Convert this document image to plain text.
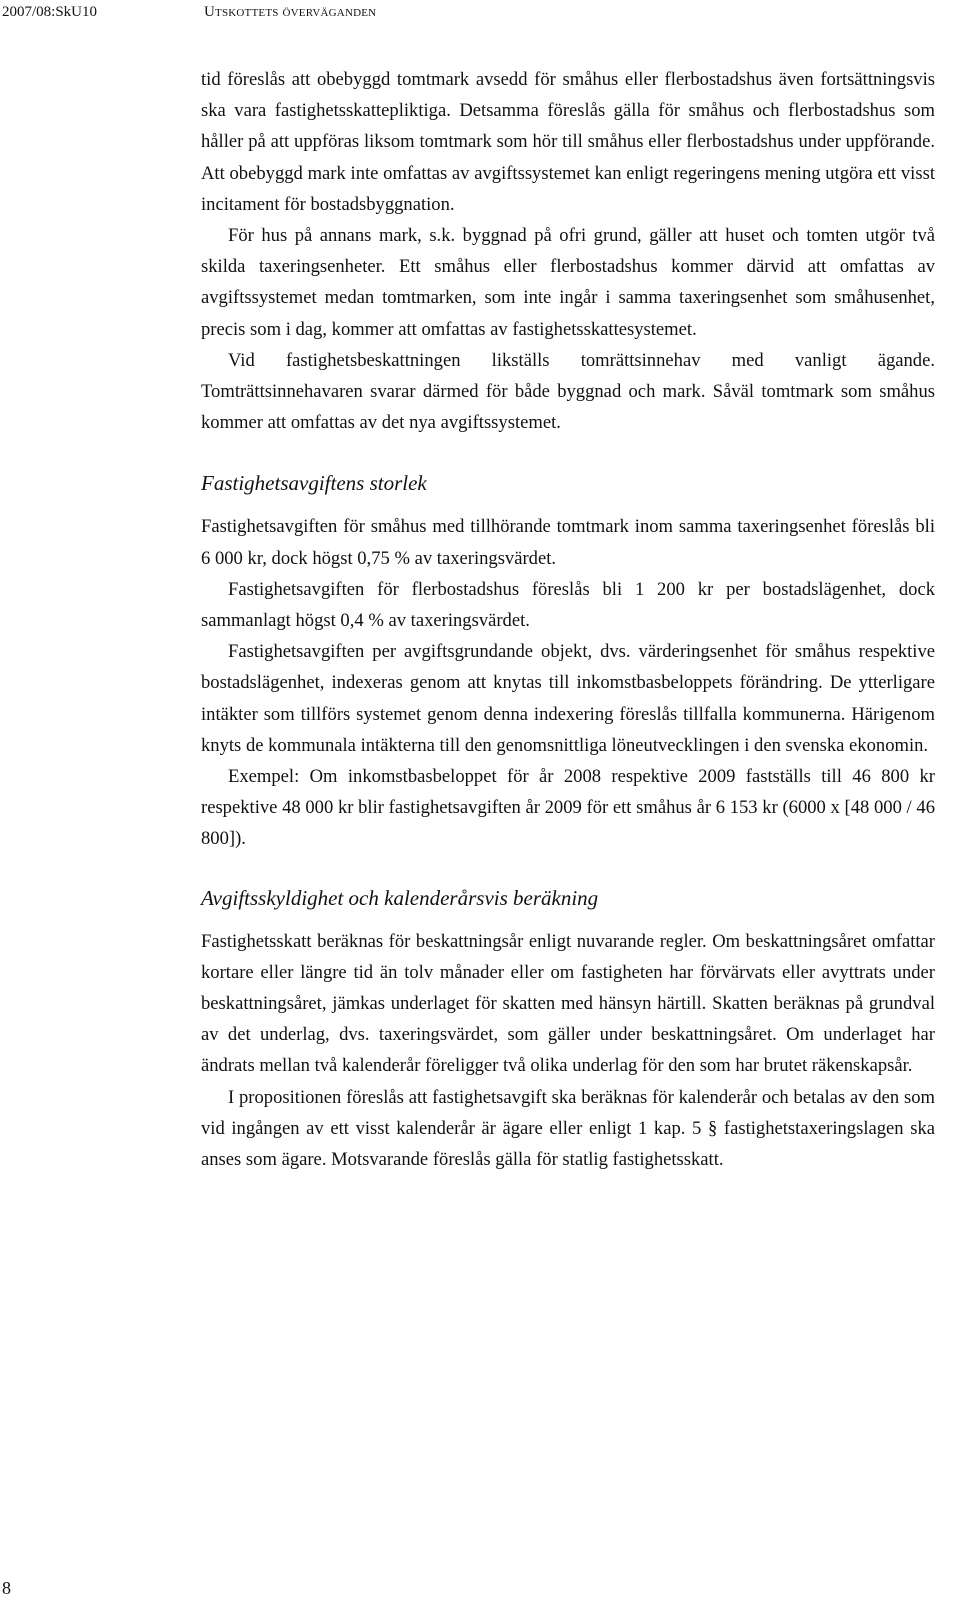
2007/08:SkU10	Utskottets överväganden

tid föreslås att obebyggd tomtmark avsedd för småhus eller flerbostadshus även fortsättningsvis ska vara fastighetsskattepliktiga. Detsamma föreslås gälla för småhus och flerbostadshus som håller på att uppföras liksom tomtmark som hör till småhus eller flerbostadshus under uppförande. Att obebyggd mark inte omfattas av avgiftssystemet kan enligt regeringens mening utgöra ett visst incitament för bostadsbyggnation.

För hus på annans mark, s.k. byggnad på ofri grund, gäller att huset och tomten utgör två skilda taxeringsenheter. Ett småhus eller flerbostadshus kommer därvid att omfattas av avgiftssystemet medan tomtmarken, som inte ingår i samma taxeringsenhet som småhusenhet, precis som i dag, kommer att omfattas av fastighetsskattesystemet.

Vid fastighetsbeskattningen likställs tomrättsinnehav med vanligt ägande. Tomträttsinnehavaren svarar därmed för både byggnad och mark. Såväl tomtmark som småhus kommer att omfattas av det nya avgiftssystemet.

Fastighetsavgiftens storlek

Fastighetsavgiften för småhus med tillhörande tomtmark inom samma taxeringsenhet föreslås bli 6 000 kr, dock högst 0,75 % av taxeringsvärdet.

Fastighetsavgiften för flerbostadshus föreslås bli 1 200 kr per bostadslägenhet, dock sammanlagt högst 0,4 % av taxeringsvärdet.

Fastighetsavgiften per avgiftsgrundande objekt, dvs. värderingsenhet för småhus respektive bostadslägenhet, indexeras genom att knytas till inkomstbasbeloppets förändring. De ytterligare intäkter som tillförs systemet genom denna indexering föreslås tillfalla kommunerna. Härigenom knyts de kommunala intäkterna till den genomsnittliga löneutvecklingen i den svenska ekonomin.

Exempel: Om inkomstbasbeloppet för år 2008 respektive 2009 fastställs till 46 800 kr respektive 48 000 kr blir fastighetsavgiften år 2009 för ett småhus år 6 153 kr (6000 x [48 000 / 46 800]).

Avgiftsskyldighet och kalenderårsvis beräkning

Fastighetsskatt beräknas för beskattningsår enligt nuvarande regler. Om beskattningsåret omfattar kortare eller längre tid än tolv månader eller om fastigheten har förvärvats eller avyttrats under beskattningsåret, jämkas underlaget för skatten med hänsyn härtill. Skatten beräknas på grundval av det underlag, dvs. taxeringsvärdet, som gäller under beskattningsåret. Om underlaget har ändrats mellan två kalenderår föreligger två olika underlag för den som har brutet räkenskapsår.

I propositionen föreslås att fastighetsavgift ska beräknas för kalenderår och betalas av den som vid ingången av ett visst kalenderår är ägare eller enligt 1 kap. 5 § fastighetstaxeringslagen ska anses som ägare. Motsvarande föreslås gälla för statlig fastighetsskatt.

8
